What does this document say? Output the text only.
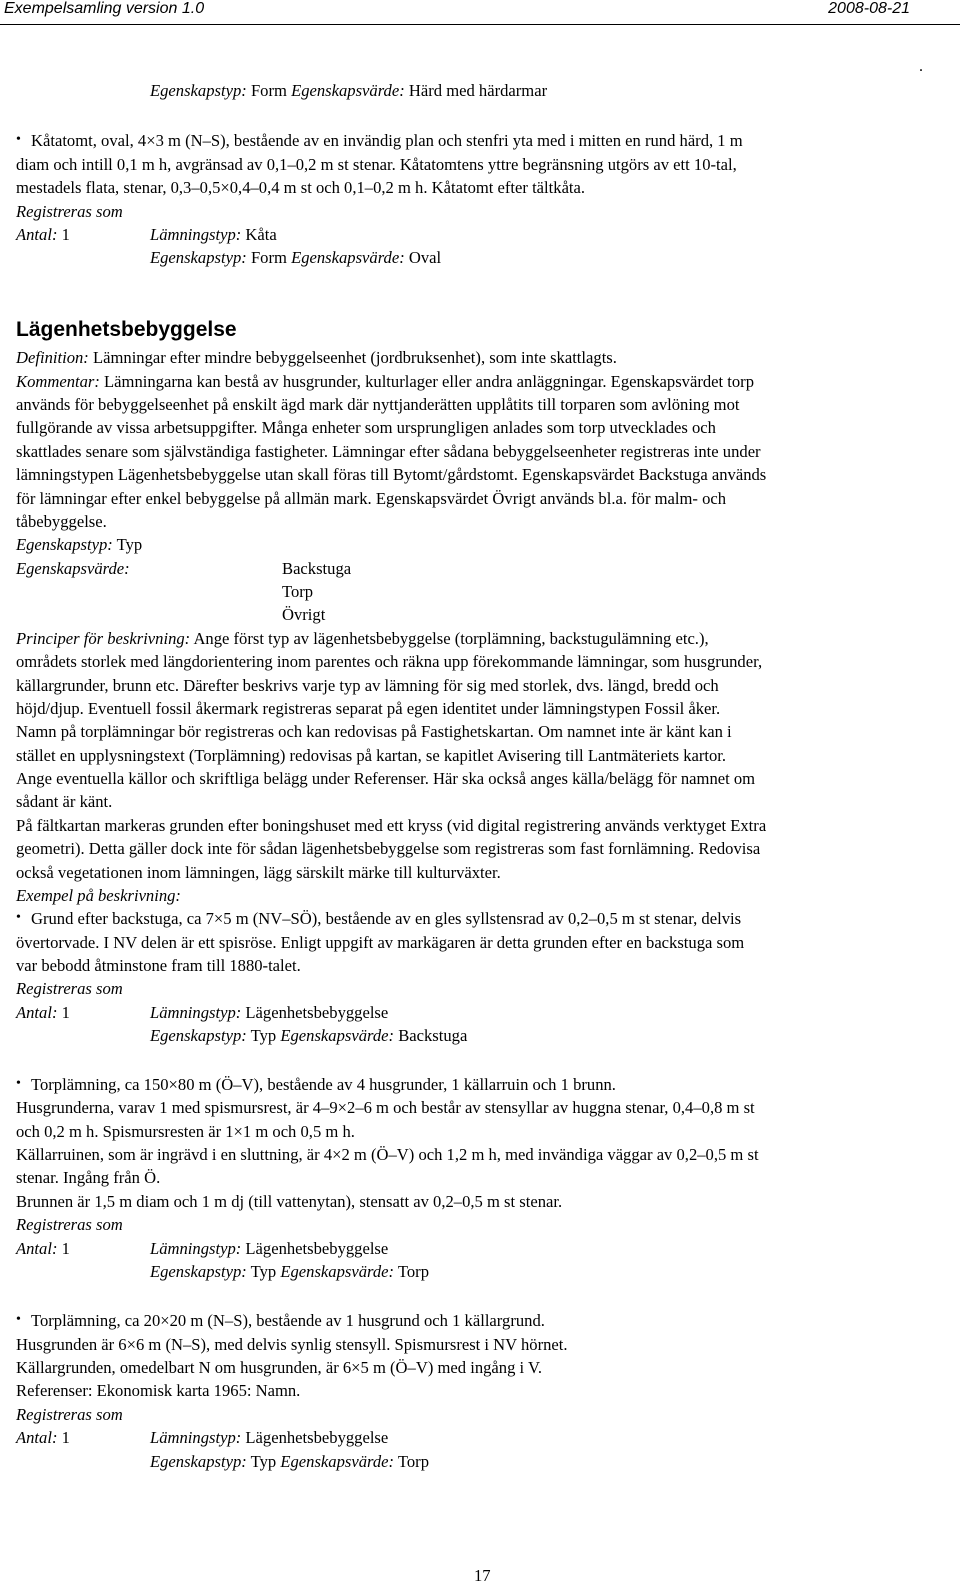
Exempelsamling version 1.0	2008-08-21
.
Egenskapstyp: Form Egenskapsvärde: Härd med härdarmar
• Kåtatomt, oval, 4×3 m (N–S), bestående av en invändig plan och stenfri yta med i mitten en rund härd, 1 m
diam och intill 0,1 m h, avgränsad av 0,1–0,2 m st stenar. Kåtatomtens yttre begränsning utgörs av ett 10-tal,
mestadels flata, stenar, 0,3–0,5×0,4–0,4 m st och 0,1–0,2 m h. Kåtatomt efter tältkåta.
Registreras som
Antal: 1	Lämningstyp: Kåta
Egenskapstyp: Form Egenskapsvärde: Oval
Lägenhetsbebyggelse
Definition: Lämningar efter mindre bebyggelseenhet (jordbruksenhet), som inte skattlagts.
Kommentar: Lämningarna kan bestå av husgrunder, kulturlager eller andra anläggningar. Egenskapsvärdet torp
används för bebyggelseenhet på enskilt ägd mark där nyttjanderätten upplåtits till torparen som avlöning mot
fullgörande av vissa arbetsuppgifter. Många enheter som ursprungligen anlades som torp utvecklades och
skattlades senare som självständiga fastigheter. Lämningar efter sådana bebyggelseenheter registreras inte under
lämningstypen Lägenhetsbebyggelse utan skall föras till Bytomt/gårdstomt. Egenskapsvärdet Backstuga används
för lämningar efter enkel bebyggelse på allmän mark. Egenskapsvärdet Övrigt används bl.a. för malm- och
tåbebyggelse.
Egenskapstyp: Typ
Egenskapsvärde:	Backstuga
Torp
Övrigt
Principer för beskrivning: Ange först typ av lägenhetsbebyggelse (torplämning, backstugulämning etc.),
områdets storlek med längdorientering inom parentes och räkna upp förekommande lämningar, som husgrunder,
källargrunder, brunn etc. Därefter beskrivs varje typ av lämning för sig med storlek, dvs. längd, bredd och
höjd/djup. Eventuell fossil åkermark registreras separat på egen identitet under lämningstypen Fossil åker.
Namn på torplämningar bör registreras och kan redovisas på Fastighetskartan. Om namnet inte är känt kan i
stället en upplysningstext (Torplämning) redovisas på kartan, se kapitlet Avisering till Lantmäteriets kartor.
Ange eventuella källor och skriftliga belägg under Referenser. Här ska också anges källa/belägg för namnet om
sådant är känt.
På fältkartan markeras grunden efter boningshuset med ett kryss (vid digital registrering används verktyget Extra
geometri). Detta gäller dock inte för sådan lägenhetsbebyggelse som registreras som fast fornlämning. Redovisa
också vegetationen inom lämningen, lägg särskilt märke till kulturväxter.
Exempel på beskrivning:
• Grund efter backstuga, ca 7×5 m (NV–SÖ), bestående av en gles syllstensrad av 0,2–0,5 m st stenar, delvis
övertorvade. I NV delen är ett spisröse. Enligt uppgift av markägaren är detta grunden efter en backstuga som
var bebodd åtminstone fram till 1880-talet.
Registreras som
Antal: 1	Lämningstyp: Lägenhetsbebyggelse
Egenskapstyp: Typ Egenskapsvärde: Backstuga
• Torplämning, ca 150×80 m (Ö–V), bestående av 4 husgrunder, 1 källarruin och 1 brunn.
Husgrunderna, varav 1 med spismursrest, är 4–9×2–6 m och består av stensyllar av huggna stenar, 0,4–0,8 m st
och 0,2 m h. Spismursresten är 1×1 m och 0,5 m h.
Källarruinen, som är ingrävd i en sluttning, är 4×2 m (Ö–V) och 1,2 m h, med invändiga väggar av 0,2–0,5 m st
stenar. Ingång från Ö.
Brunnen är 1,5 m diam och 1 m dj (till vattenytan), stensatt av 0,2–0,5 m st stenar.
Registreras som
Antal: 1	Lämningstyp: Lägenhetsbebyggelse
Egenskapstyp: Typ Egenskapsvärde: Torp
• Torplämning, ca 20×20 m (N–S), bestående av 1 husgrund och 1 källargrund.
Husgrunden är 6×6 m (N–S), med delvis synlig stensyll. Spismursrest i NV hörnet.
Källargrunden, omedelbart N om husgrunden, är 6×5 m (Ö–V) med ingång i V.
Referenser: Ekonomisk karta 1965: Namn.
Registreras som
Antal: 1	Lämningstyp: Lägenhetsbebyggelse
Egenskapstyp: Typ Egenskapsvärde: Torp
17
